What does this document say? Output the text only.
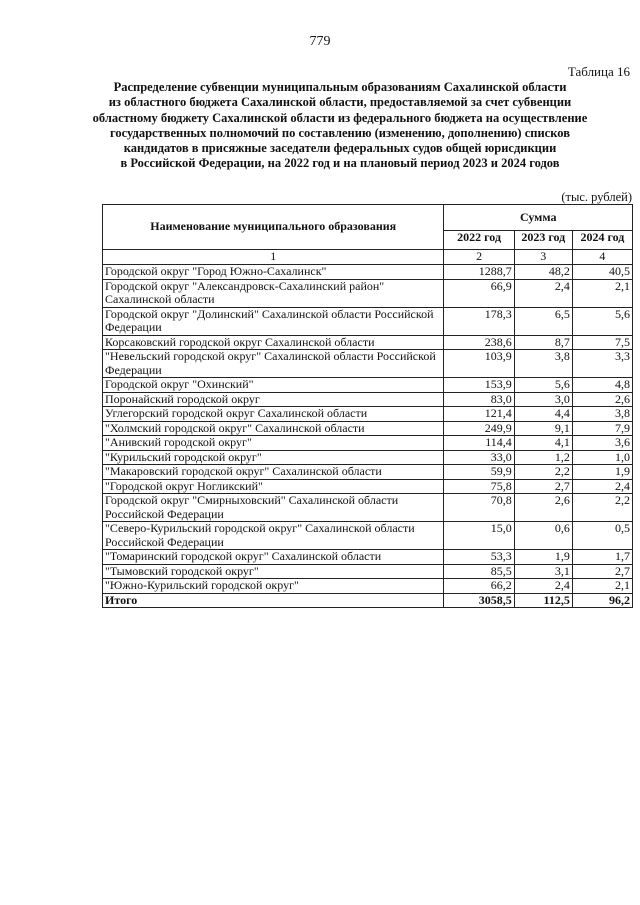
779
Таблица 16
Распределение субвенции муниципальным образованиям Сахалинской области
из областного бюджета Сахалинской области, предоставляемой за счет субвенции
областному бюджету Сахалинской области из федерального бюджета на осуществление
государственных полномочий по составлению (изменению, дополнению) списков
кандидатов в присяжные заседатели федеральных судов общей юрисдикции
в Российской Федерации, на 2022 год и на плановый период 2023 и 2024 годов
(тыс. рублей)
Наименование муниципального образования	Сумма		
	2022 год	2023 год	2024 год
1	2	3	4
Городской округ "Город Южно-Сахалинск"	1288,7	48,2	40,5
Городской округ "Александровск-Сахалинский район" Сахалинской области	66,9	2,4	2,1
Городской округ "Долинский" Сахалинской области Российской Федерации	178,3	6,5	5,6
Корсаковский городской округ Сахалинской области	238,6	8,7	7,5
"Невельский городской округ" Сахалинской области Российской Федерации	103,9	3,8	3,3
Городской округ "Охинский"	153,9	5,6	4,8
Поронайский городской округ	83,0	3,0	2,6
Углегорский городской округ Сахалинской области	121,4	4,4	3,8
"Холмский городской округ" Сахалинской области	249,9	9,1	7,9
"Анивский городской округ"	114,4	4,1	3,6
"Курильский городской округ"	33,0	1,2	1,0
"Макаровский городской округ" Сахалинской области	59,9	2,2	1,9
"Городской округ Ногликский"	75,8	2,7	2,4
Городской округ "Смирныховский" Сахалинской области Российской Федерации	70,8	2,6	2,2
"Северо-Курильский городской округ" Сахалинской области Российской Федерации	15,0	0,6	0,5
"Томаринский городской округ" Сахалинской области	53,3	1,9	1,7
"Тымовский городской округ"	85,5	3,1	2,7
"Южно-Курильский городской округ"	66,2	2,4	2,1
Итого	3058,5	112,5	96,2
